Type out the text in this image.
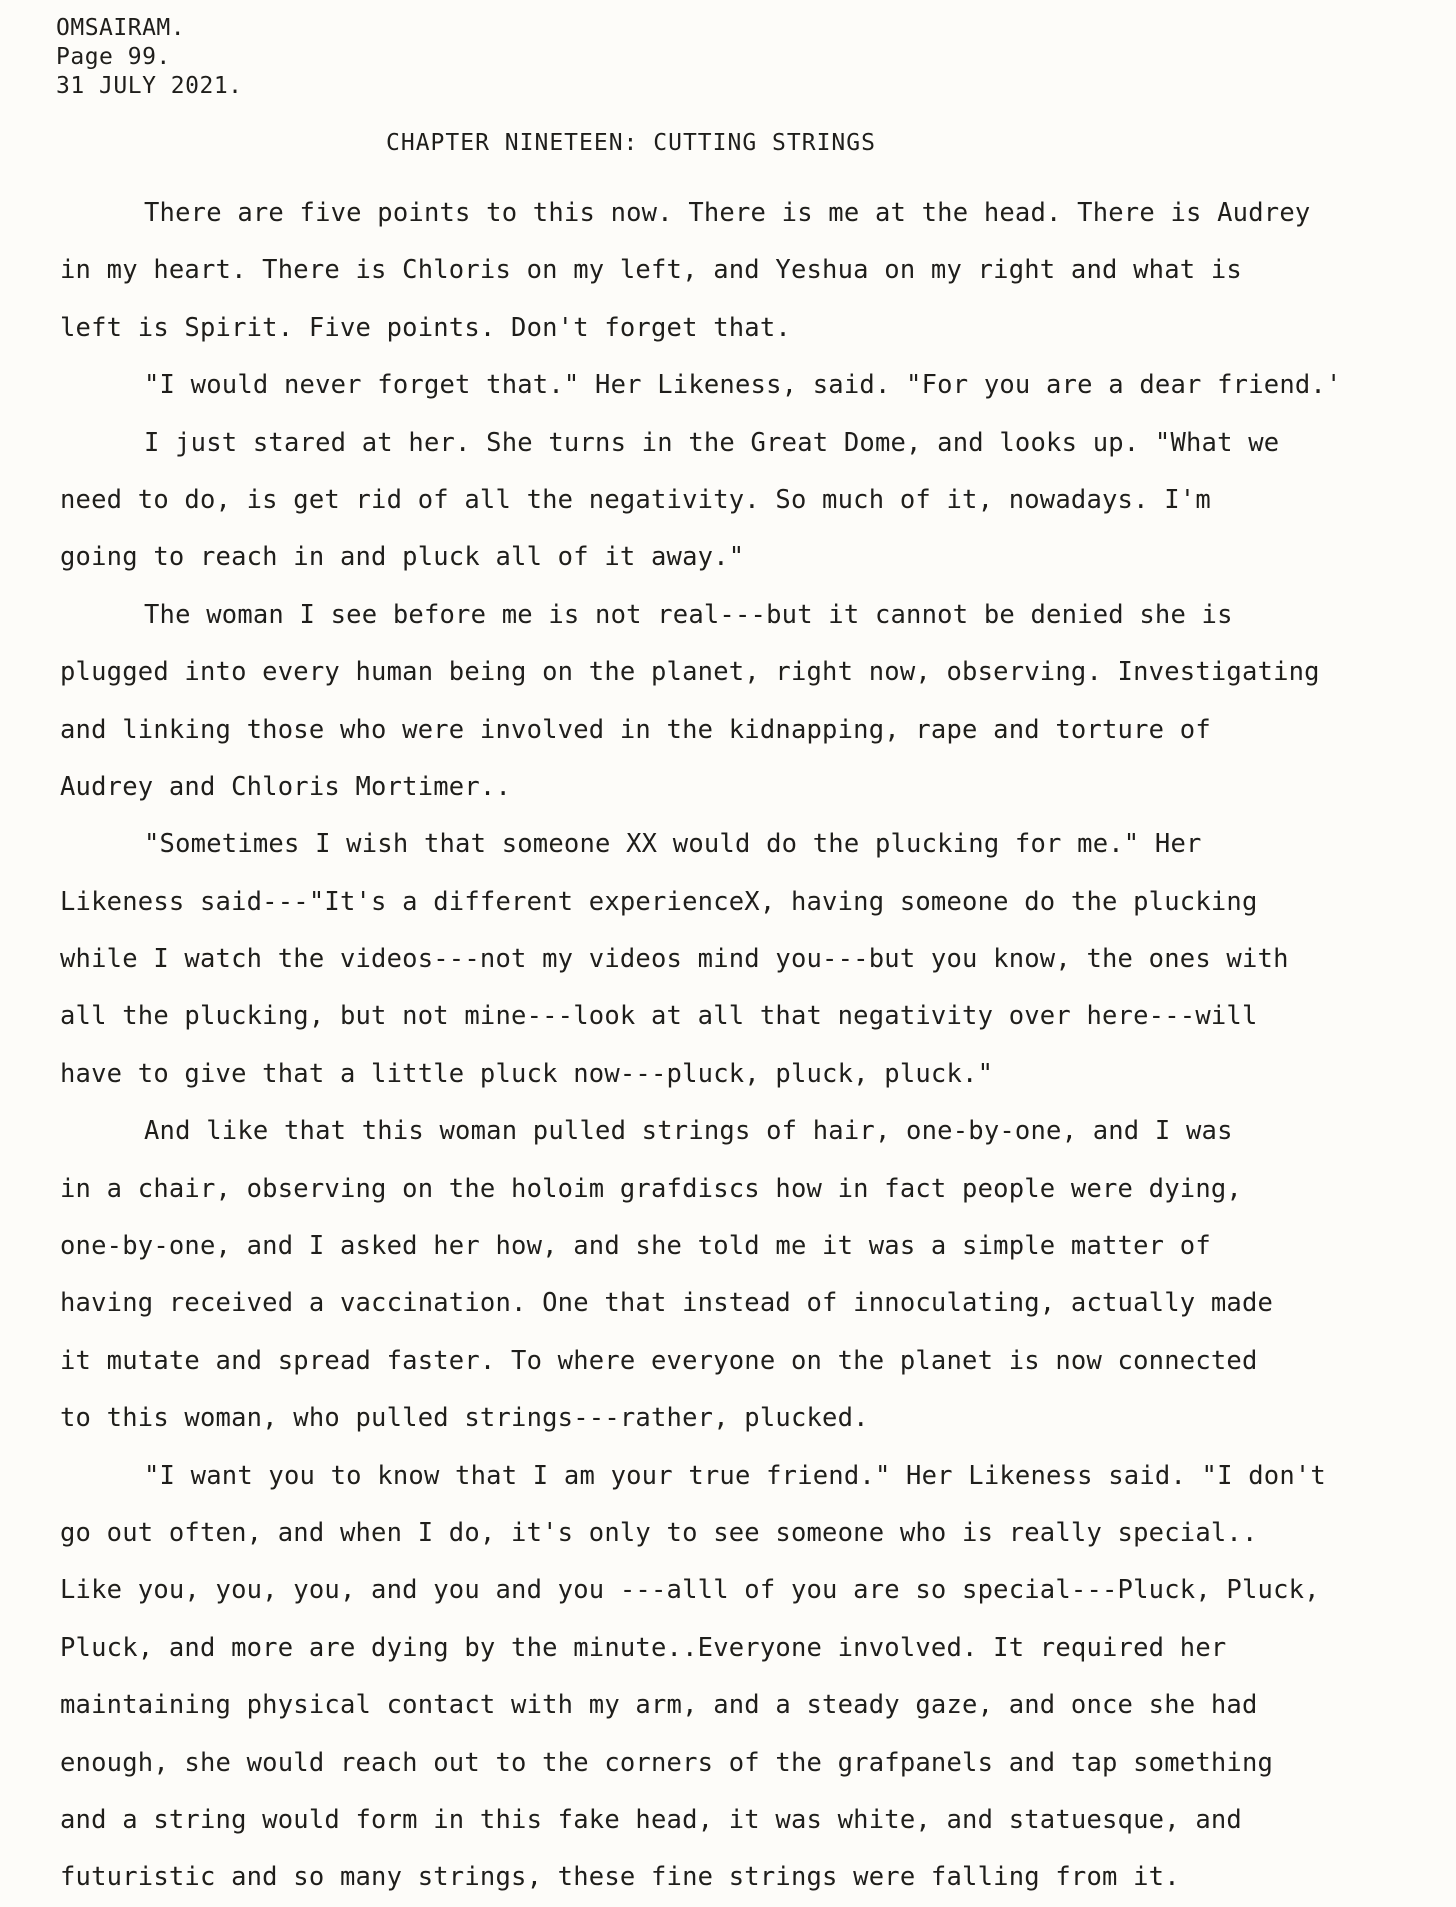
OMSAIRAM.
Page 99.
31 JULY 2021.
CHAPTER NINETEEN: CUTTING STRINGS
There are five points to this now. There is me at the head. There is Audrey
in my heart. There is Chloris on my left, and Yeshua on my right and what is
left is Spirit. Five points. Don't forget that.
"I would never forget that." Her Likeness, said. "For you are a dear friend.'
I just stared at her. She turns in the Great Dome, and looks up. "What we
need to do, is get rid of all the negativity. So much of it, nowadays. I'm
going to reach in and pluck all of it away."
The woman I see before me is not real---but it cannot be denied she is
plugged into every human being on the planet, right now, observing. Investigating
and linking those who were involved in the kidnapping, rape and torture of
Audrey and Chloris Mortimer..
"Sometimes I wish that someone XX would do the plucking for me." Her
Likeness said---"It's a different experienceX, having someone do the plucking
while I watch the videos---not my videos mind you---but you know, the ones with
all the plucking, but not mine---look at all that negativity over here---will
have to give that a little pluck now---pluck, pluck, pluck."
And like that this woman pulled strings of hair, one-by-one, and I was
in a chair, observing on the holoim grafdiscs how in fact people were dying,
one-by-one, and I asked her how, and she told me it was a simple matter of
having received a vaccination. One that instead of innoculating, actually made
it mutate and spread faster. To where everyone on the planet is now connected
to this woman, who pulled strings---rather, plucked.
"I want you to know that I am your true friend." Her Likeness said. "I don't
go out often, and when I do, it's only to see someone who is really special..
Like you, you, you, and you and you ---alll of you are so special---Pluck, Pluck,
Pluck, and more are dying by the minute..Everyone involved. It required her
maintaining physical contact with my arm, and a steady gaze, and once she had
enough, she would reach out to the corners of the grafpanels and tap something
and a string would form in this fake head, it was white, and statuesque, and
futuristic and so many strings, these fine strings were falling from it.
